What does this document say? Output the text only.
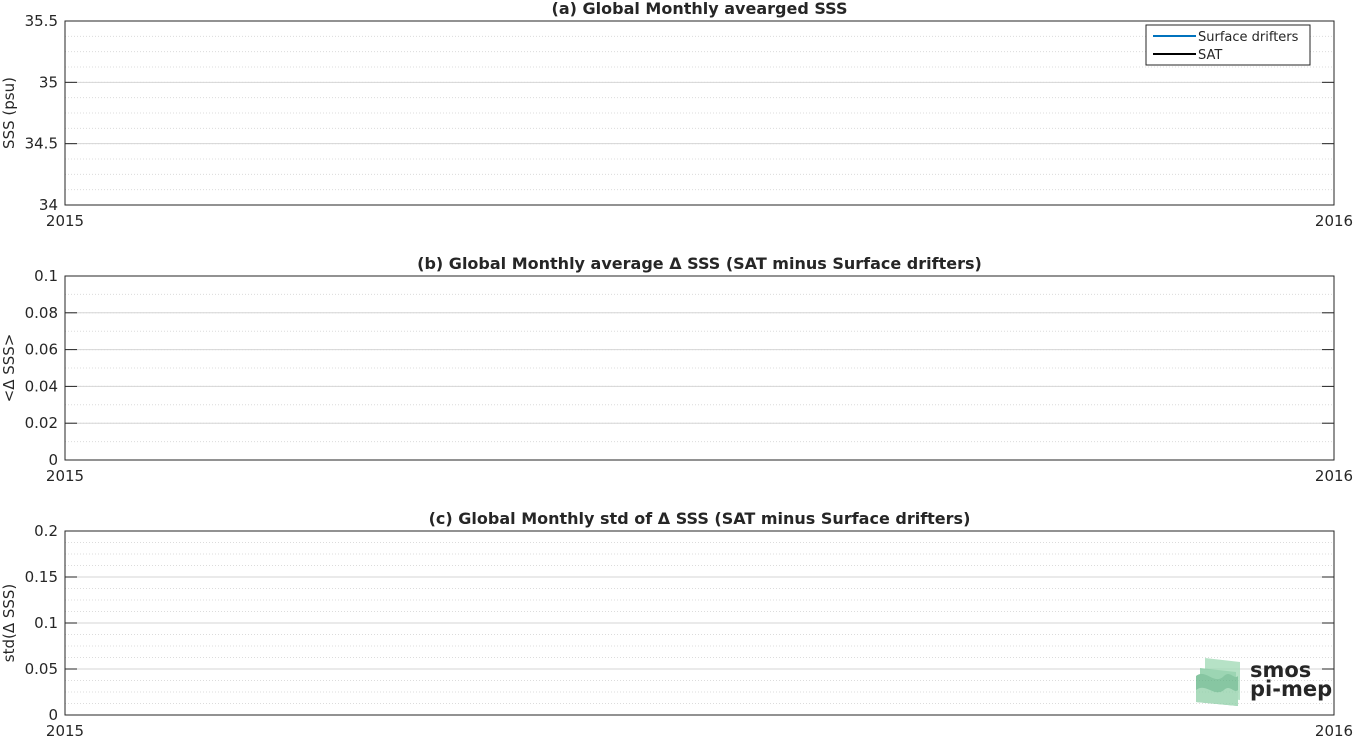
34
34.5
35
35.5
2015	2016
(a) Global Monthly avearged SSS
SSS (psu)
Surface drifters
SAT
0
0.02
0.04
0.06
0.08
0.1
2015	2016
(b) Global Monthly average Δ SSS (SAT minus Surface drifters)
<Δ SSS>
0
0.05
0.1
0.15
0.2
2015	2016
(c) Global Monthly std of Δ SSS (SAT minus Surface drifters)
std(Δ SSS)
smos
pi-mep
